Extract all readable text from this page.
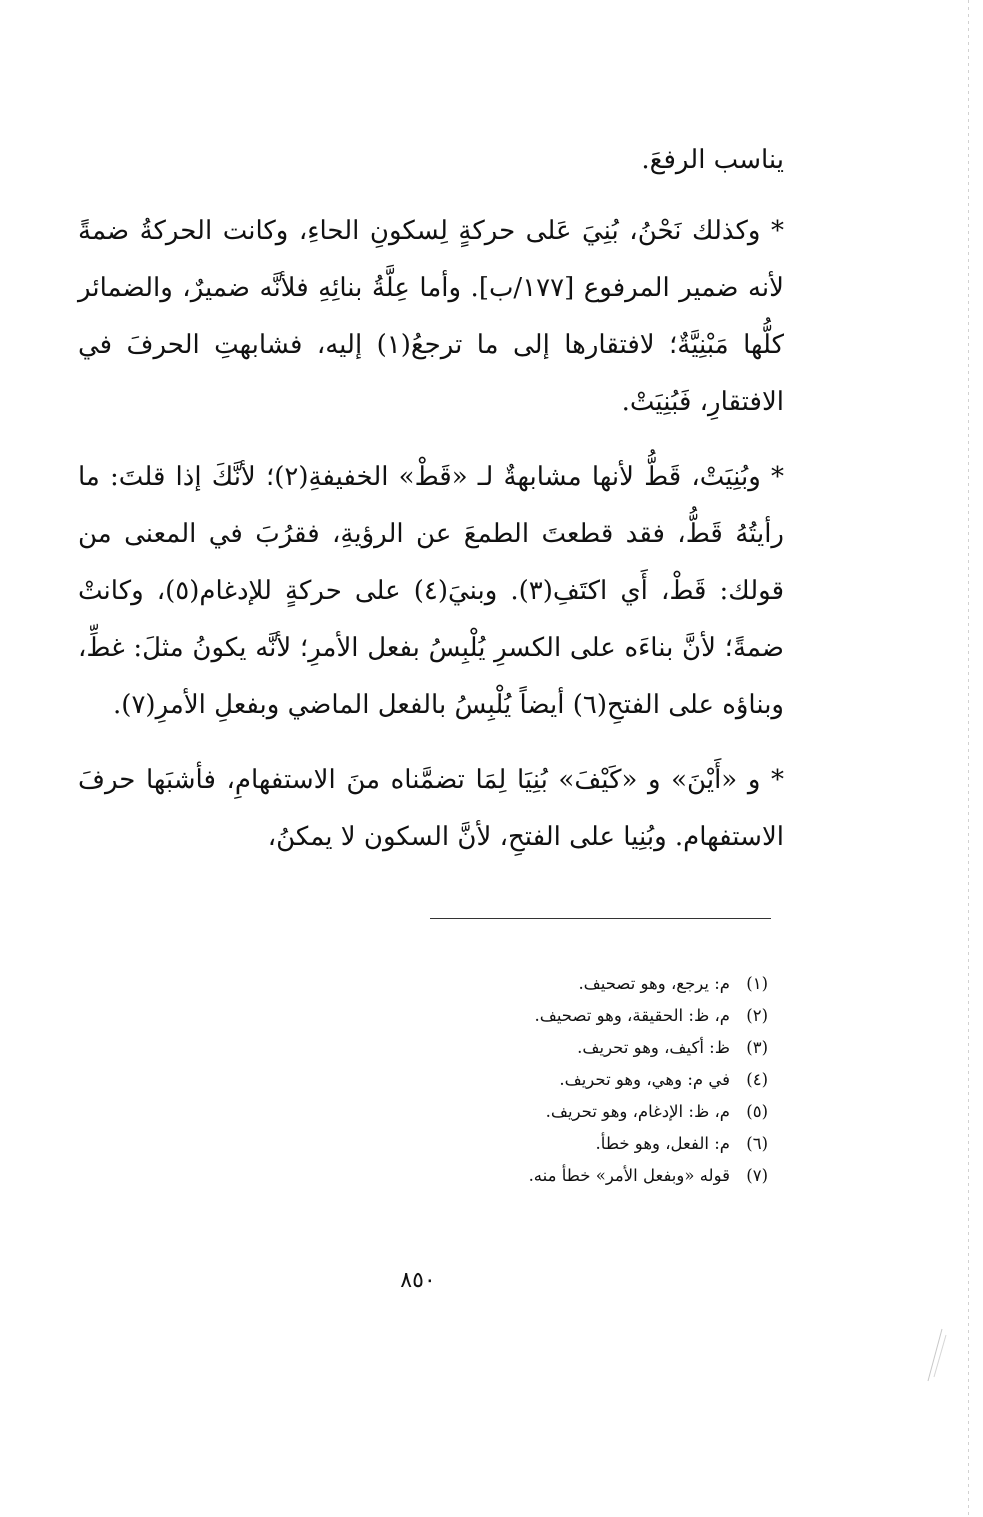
يناسب الرفعَ.

* وكذلك نَحْنُ، بُنِيَ عَلى حركةٍ لِسكونِ الحاءِ، وكانت الحركةُ ضمةً لأنه ضمير المرفوع [١٧٧/ب]. وأما عِلَّةُ بنائِهِ فلأنَّه ضميرٌ، والضمائر كلُّها مَبْنِيَّةٌ؛ لافتقارها إلى ما ترجعُ(١) إليه، فشابهتِ الحرفَ في الافتقارِ، فَبُنِيَتْ.

* وبُنِيَتْ، قَطُّ لأنها مشابهةٌ لـ «قَطْ» الخفيفةِ(٢)؛ لأنَّكَ إذا قلتَ: ما رأيتُهُ قَطُّ، فقد قطعتَ الطمعَ عن الرؤيةِ، فقرُبَ في المعنى من قولك: قَطْ، أَي اكتَفِ(٣). وبنيَ(٤) على حركةٍ للإدغام(٥)، وكانتْ ضمةً؛ لأنَّ بناءَه على الكسرِ يُلْبِسُ بفعل الأمرِ؛ لأنَّه يكونُ مثلَ: غطِّ، وبناؤه على الفتحِ(٦) أيضاً يُلْبِسُ بالفعل الماضي وبفعلِ الأمرِ(٧).

* و «أَيْنَ» و «كَيْفَ» بُنِيَا لِمَا تضمَّناه منَ الاستفهامِ، فأشبَها حرفَ الاستفهام. وبُنِيا على الفتحِ، لأنَّ السكون لا يمكنُ،

(١)م: يرجع، وهو تصحيف.
(٢)م، ظ: الحقيقة، وهو تصحيف.
(٣)ظ: أكيف، وهو تحريف.
(٤)في م: وهي، وهو تحريف.
(٥)م، ظ: الإدغام، وهو تحريف.
(٦)م: الفعل، وهو خطأ.
(٧)قوله «وبفعل الأمر» خطأ منه.
٨٥٠
